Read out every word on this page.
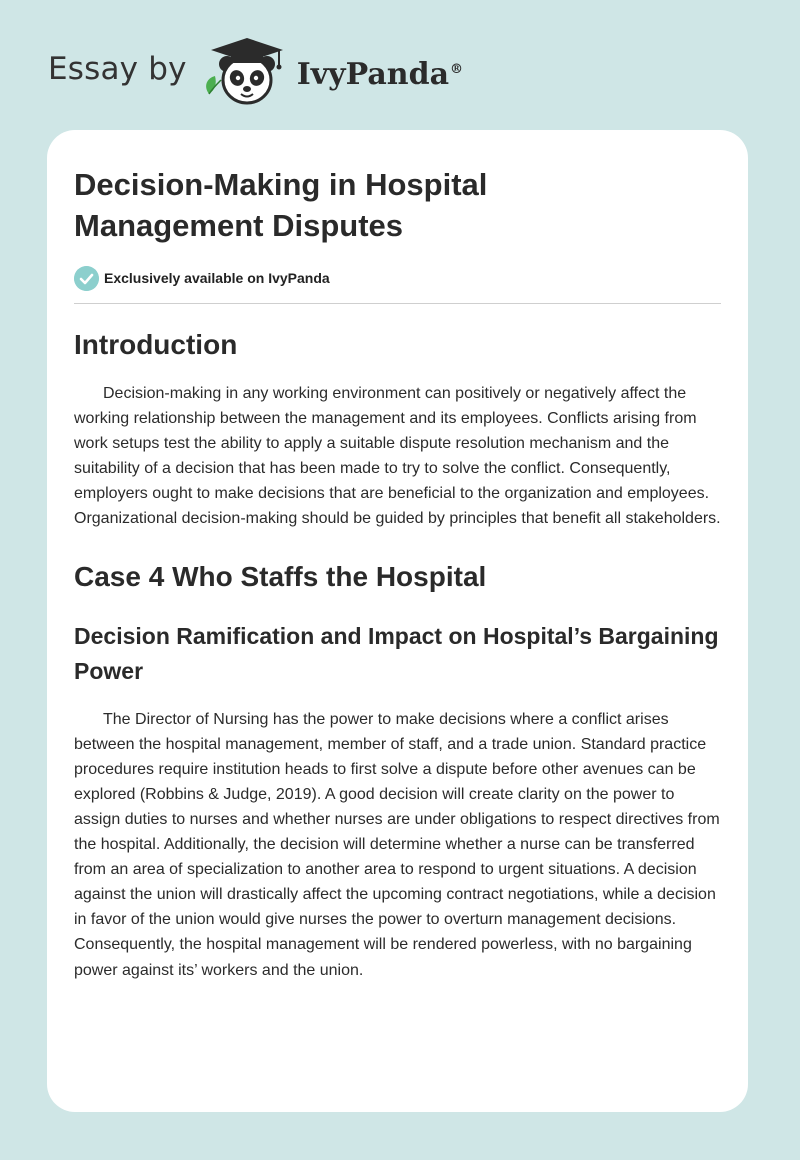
Essay by	IvyPanda®
Decision-Making in Hospital Management Disputes
Exclusively available on IvyPanda
Introduction

Decision-making in any working environment can positively or negatively affect the working relationship between the management and its employees. Conflicts arising from work setups test the ability to apply a suitable dispute resolution mechanism and the suitability of a decision that has been made to try to solve the conflict. Consequently, employers ought to make decisions that are beneficial to the organization and employees. Organizational decision-making should be guided by principles that benefit all stakeholders.

Case 4 Who Staffs the Hospital
Decision Ramification and Impact on Hospital’s Bargaining Power

The Director of Nursing has the power to make decisions where a conflict arises between the hospital management, member of staff, and a trade union. Standard practice procedures require institution heads to first solve a dispute before other avenues can be explored (Robbins & Judge, 2019). A good decision will create clarity on the power to assign duties to nurses and whether nurses are under obligations to respect directives from the hospital. Additionally, the decision will determine whether a nurse can be transferred from an area of specialization to another area to respond to urgent situations. A decision against the union will drastically affect the upcoming contract negotiations, while a decision in favor of the union would give nurses the power to overturn management decisions. Consequently, the hospital management will be rendered powerless, with no bargaining power against its’ workers and the union.
